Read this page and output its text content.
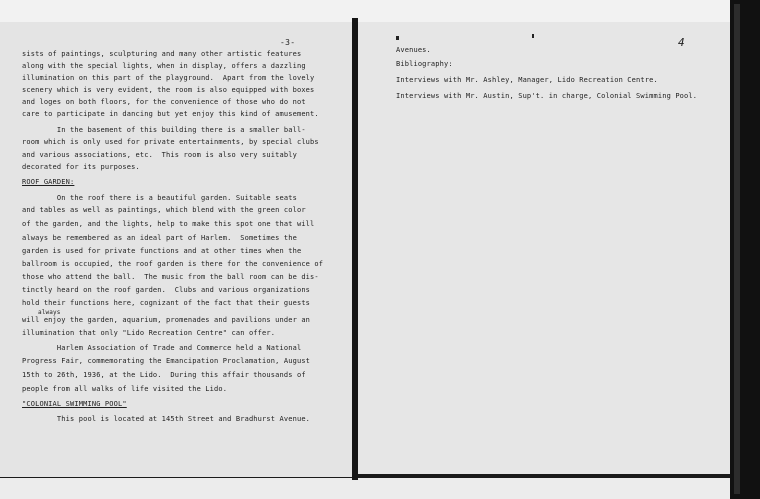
-3-
sists of paintings, sculpturing and many other artistic features
along with the special lights, when in display, offers a dazzling
illumination on this part of the playground.  Apart from the lovely
scenery which is very evident, the room is also equipped with boxes
and loges on both floors, for the convenience of those who do not
care to participate in dancing but yet enjoy this kind of amusement.
In the basement of this building there is a smaller ball-
room which is only used for private entertainments, by special clubs
and various associations, etc.  This room is also very suitably
decorated for its purposes.
ROOF GARDEN:
On the roof there is a beautiful garden. Suitable seats
and tables as well as paintings, which blend with the green color
of the garden, and the lights, help to make this spot one that will
always be remembered as an ideal part of Harlem.  Sometimes the
garden is used for private functions and at other times when the
ballroom is occupied, the roof garden is there for the convenience of
those who attend the ball.  The music from the ball room can be dis-
tinctly heard on the roof garden.  Clubs and various organizations
hold their functions here, cognizant of the fact that their guests
always
will enjoy the garden, aquarium, promenades and pavilions under an
illumination that only "Lido Recreation Centre" can offer.
Harlem Association of Trade and Commerce held a National
Progress Fair, commemorating the Emancipation Proclamation, August
15th to 26th, 1936, at the Lido.  During this affair thousands of
people from all walks of life visited the Lido.
"COLONIAL SWIMMING POOL"
This pool is located at 145th Street and Bradhurst Avenue.
4
Avenues.
Bibliography:
Interviews with Mr. Ashley, Manager, Lido Recreation Centre.
Interviews with Mr. Austin, Sup't. in charge, Colonial Swimming Pool.
